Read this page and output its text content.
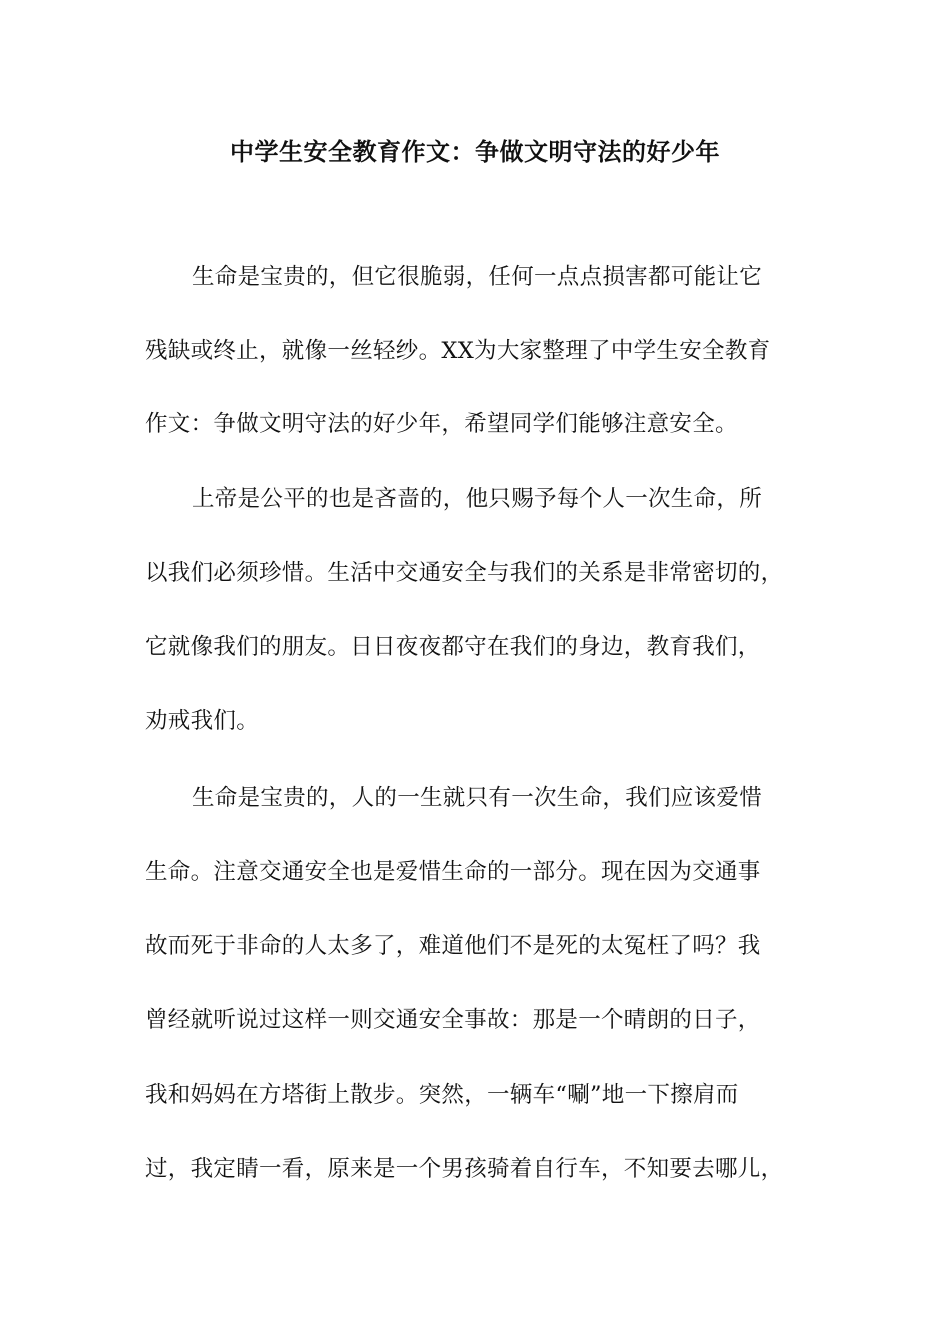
中学生安全教育作文：争做文明守法的好少年
生命是宝贵的，但它很脆弱，任何一点点损害都可能让它
残缺或终止，就像一丝轻纱。XX为大家整理了中学生安全教育
作文：争做文明守法的好少年，希望同学们能够注意安全。
上帝是公平的也是吝啬的，他只赐予每个人一次生命，所
以我们必须珍惜。生活中交通安全与我们的关系是非常密切的，
它就像我们的朋友。日日夜夜都守在我们的身边，教育我们，
劝戒我们。
生命是宝贵的，人的一生就只有一次生命，我们应该爱惜
生命。注意交通安全也是爱惜生命的一部分。现在因为交通事
故而死于非命的人太多了，难道他们不是死的太冤枉了吗？我
曾经就听说过这样一则交通安全事故：那是一个晴朗的日子，
我和妈妈在方塔街上散步。突然，一辆车“唰”地一下擦肩而
过，我定睛一看，原来是一个男孩骑着自行车，不知要去哪儿，
